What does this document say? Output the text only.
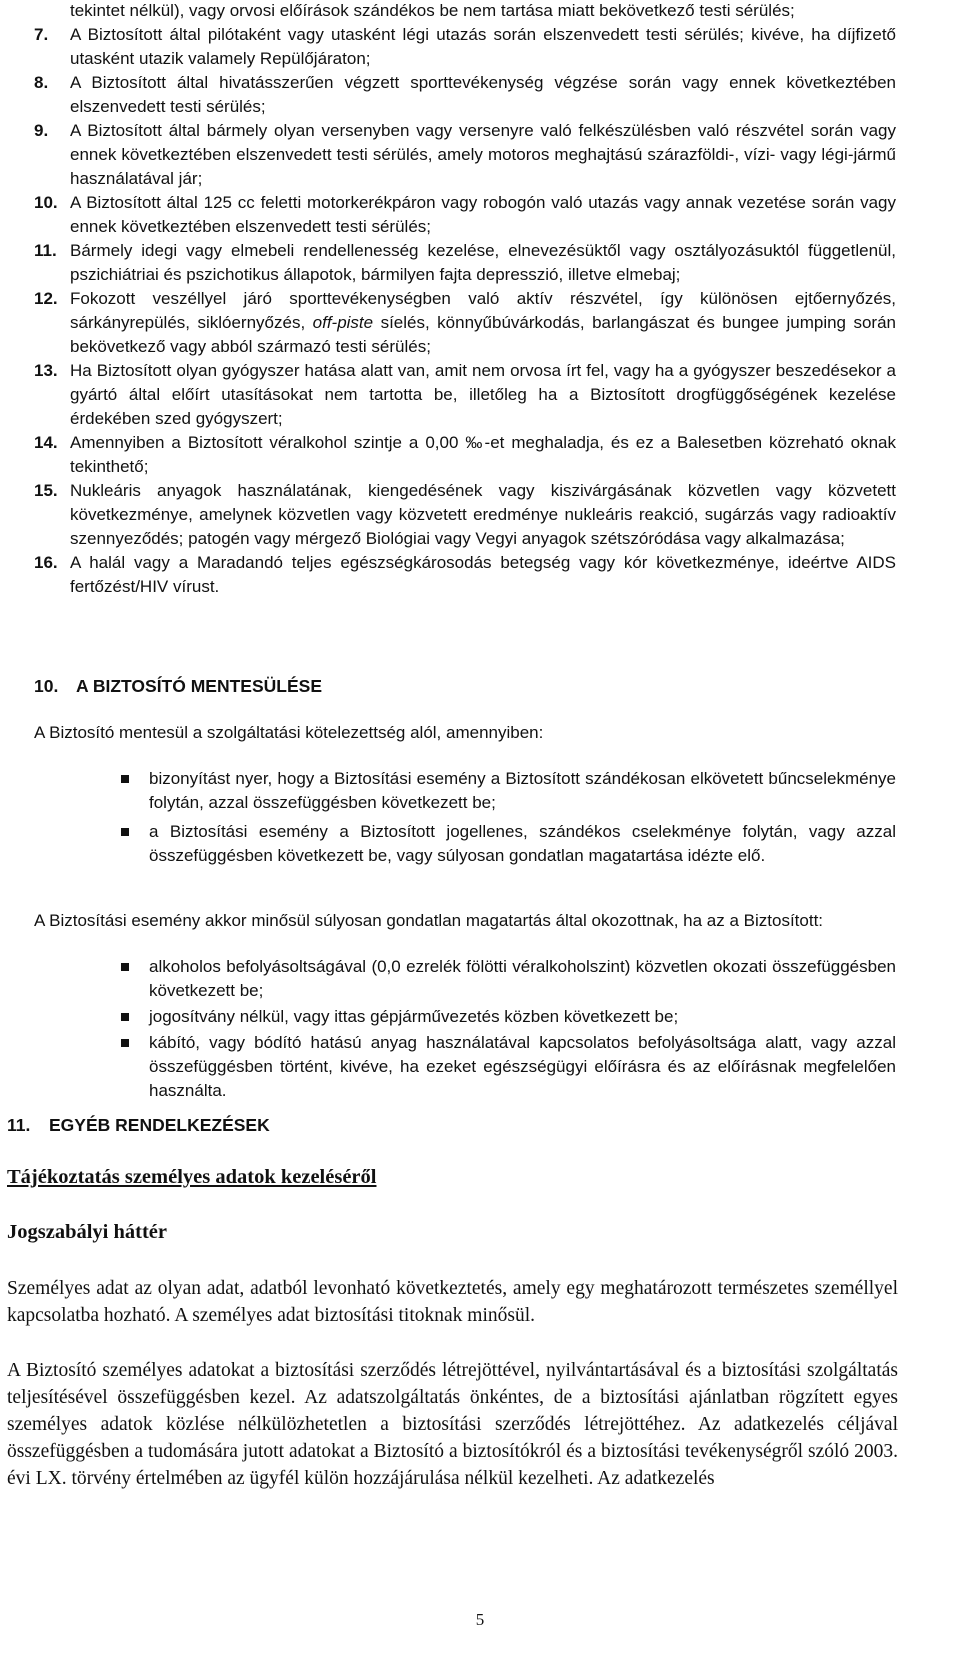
tekintet nélkül), vagy orvosi előírások szándékos be nem tartása miatt bekövetkező testi sérülés;

7. A Biztosított által pilótaként vagy utasként légi utazás során elszenvedett testi sérülés; kivéve, ha díjfizető utasként utazik valamely Repülőjáraton;
8. A Biztosított által hivatásszerűen végzett sporttevékenység végzése során vagy ennek következtében elszenvedett testi sérülés;
9. A Biztosított által bármely olyan versenyben vagy versenyre való felkészülésben való részvétel során vagy ennek következtében elszenvedett testi sérülés, amely motoros meghajtású szárazföldi-, vízi- vagy légi-jármű használatával jár;
10. A Biztosított által 125 cc feletti motorkerékpáron vagy robogón való utazás vagy annak vezetése során vagy ennek következtében elszenvedett testi sérülés;
11. Bármely idegi vagy elmebeli rendellenesség kezelése, elnevezésüktől vagy osztályozásuktól függetlenül, pszichiátriai és pszichotikus állapotok, bármilyen fajta depresszió, illetve elmebaj;
12. Fokozott veszéllyel járó sporttevékenységben való aktív részvétel, így különösen ejtőernyőzés, sárkányrepülés, siklóernyőzés, off-piste síelés, könnyűbúvárkodás, barlangászat és bungee jumping során bekövetkező vagy abból származó testi sérülés;
13. Ha Biztosított olyan gyógyszer hatása alatt van, amit nem orvosa írt fel, vagy ha a gyógyszer beszedésekor a gyártó által előírt utasításokat nem tartotta be, illetőleg ha a Biztosított drogfüggőségének kezelése érdekében szed gyógyszert;
14. Amennyiben a Biztosított véralkohol szintje a 0,00 ‰-et meghaladja, és ez a Balesetben közreható oknak tekinthető;
15. Nukleáris anyagok használatának, kiengedésének vagy kiszivárgásának közvetlen vagy közvetett következménye, amelynek közvetlen vagy közvetett eredménye nukleáris reakció, sugárzás vagy radioaktív szennyeződés; patogén vagy mérgező Biológiai vagy Vegyi anyagok szétszóródása vagy alkalmazása;
16. A halál vagy a Maradandó teljes egészségkárosodás betegség vagy kór következménye, ideértve AIDS fertőzést/HIV vírust.
10. A BIZTOSÍTÓ MENTESÜLÉSE

A Biztosító mentesül a szolgáltatási kötelezettség alól, amennyiben:

bizonyítást nyer, hogy a Biztosítási esemény a Biztosított szándékosan elkövetett bűncselekménye folytán, azzal összefüggésben következett be;
a Biztosítási esemény a Biztosított jogellenes, szándékos cselekménye folytán, vagy azzal összefüggésben következett be, vagy súlyosan gondatlan magatartása idézte elő.

A Biztosítási esemény akkor minősül súlyosan gondatlan magatartás által okozottnak, ha az a Biztosított:

alkoholos befolyásoltságával (0,0 ezrelék fölötti véralkoholszint) közvetlen okozati összefüggésben következett be;
jogosítvány nélkül, vagy ittas gépjárművezetés közben következett be;
kábító, vagy bódító hatású anyag használatával kapcsolatos befolyásoltsága alatt, vagy azzal összefüggésben történt, kivéve, ha ezeket egészségügyi előírásra és az előírásnak megfelelően használta.
11. EGYÉB RENDELKEZÉSEK
Tájékoztatás személyes adatok kezeléséről
Jogszabályi háttér

Személyes adat az olyan adat, adatból levonható következtetés, amely egy meghatározott természetes személlyel kapcsolatba hozható. A személyes adat biztosítási titoknak minősül.

A Biztosító személyes adatokat a biztosítási szerződés létrejöttével, nyilvántartásával és a biztosítási szolgáltatás teljesítésével összefüggésben kezel. Az adatszolgáltatás önkéntes, de a biztosítási ajánlatban rögzített egyes személyes adatok közlése nélkülözhetetlen a biztosítási szerződés létrejöttéhez. Az adatkezelés céljával összefüggésben a tudomására jutott adatokat a Biztosító a biztosítókról és a biztosítási tevékenységről szóló 2003. évi LX. törvény értelmében az ügyfél külön hozzájárulása nélkül kezelheti. Az adatkezelés

5
